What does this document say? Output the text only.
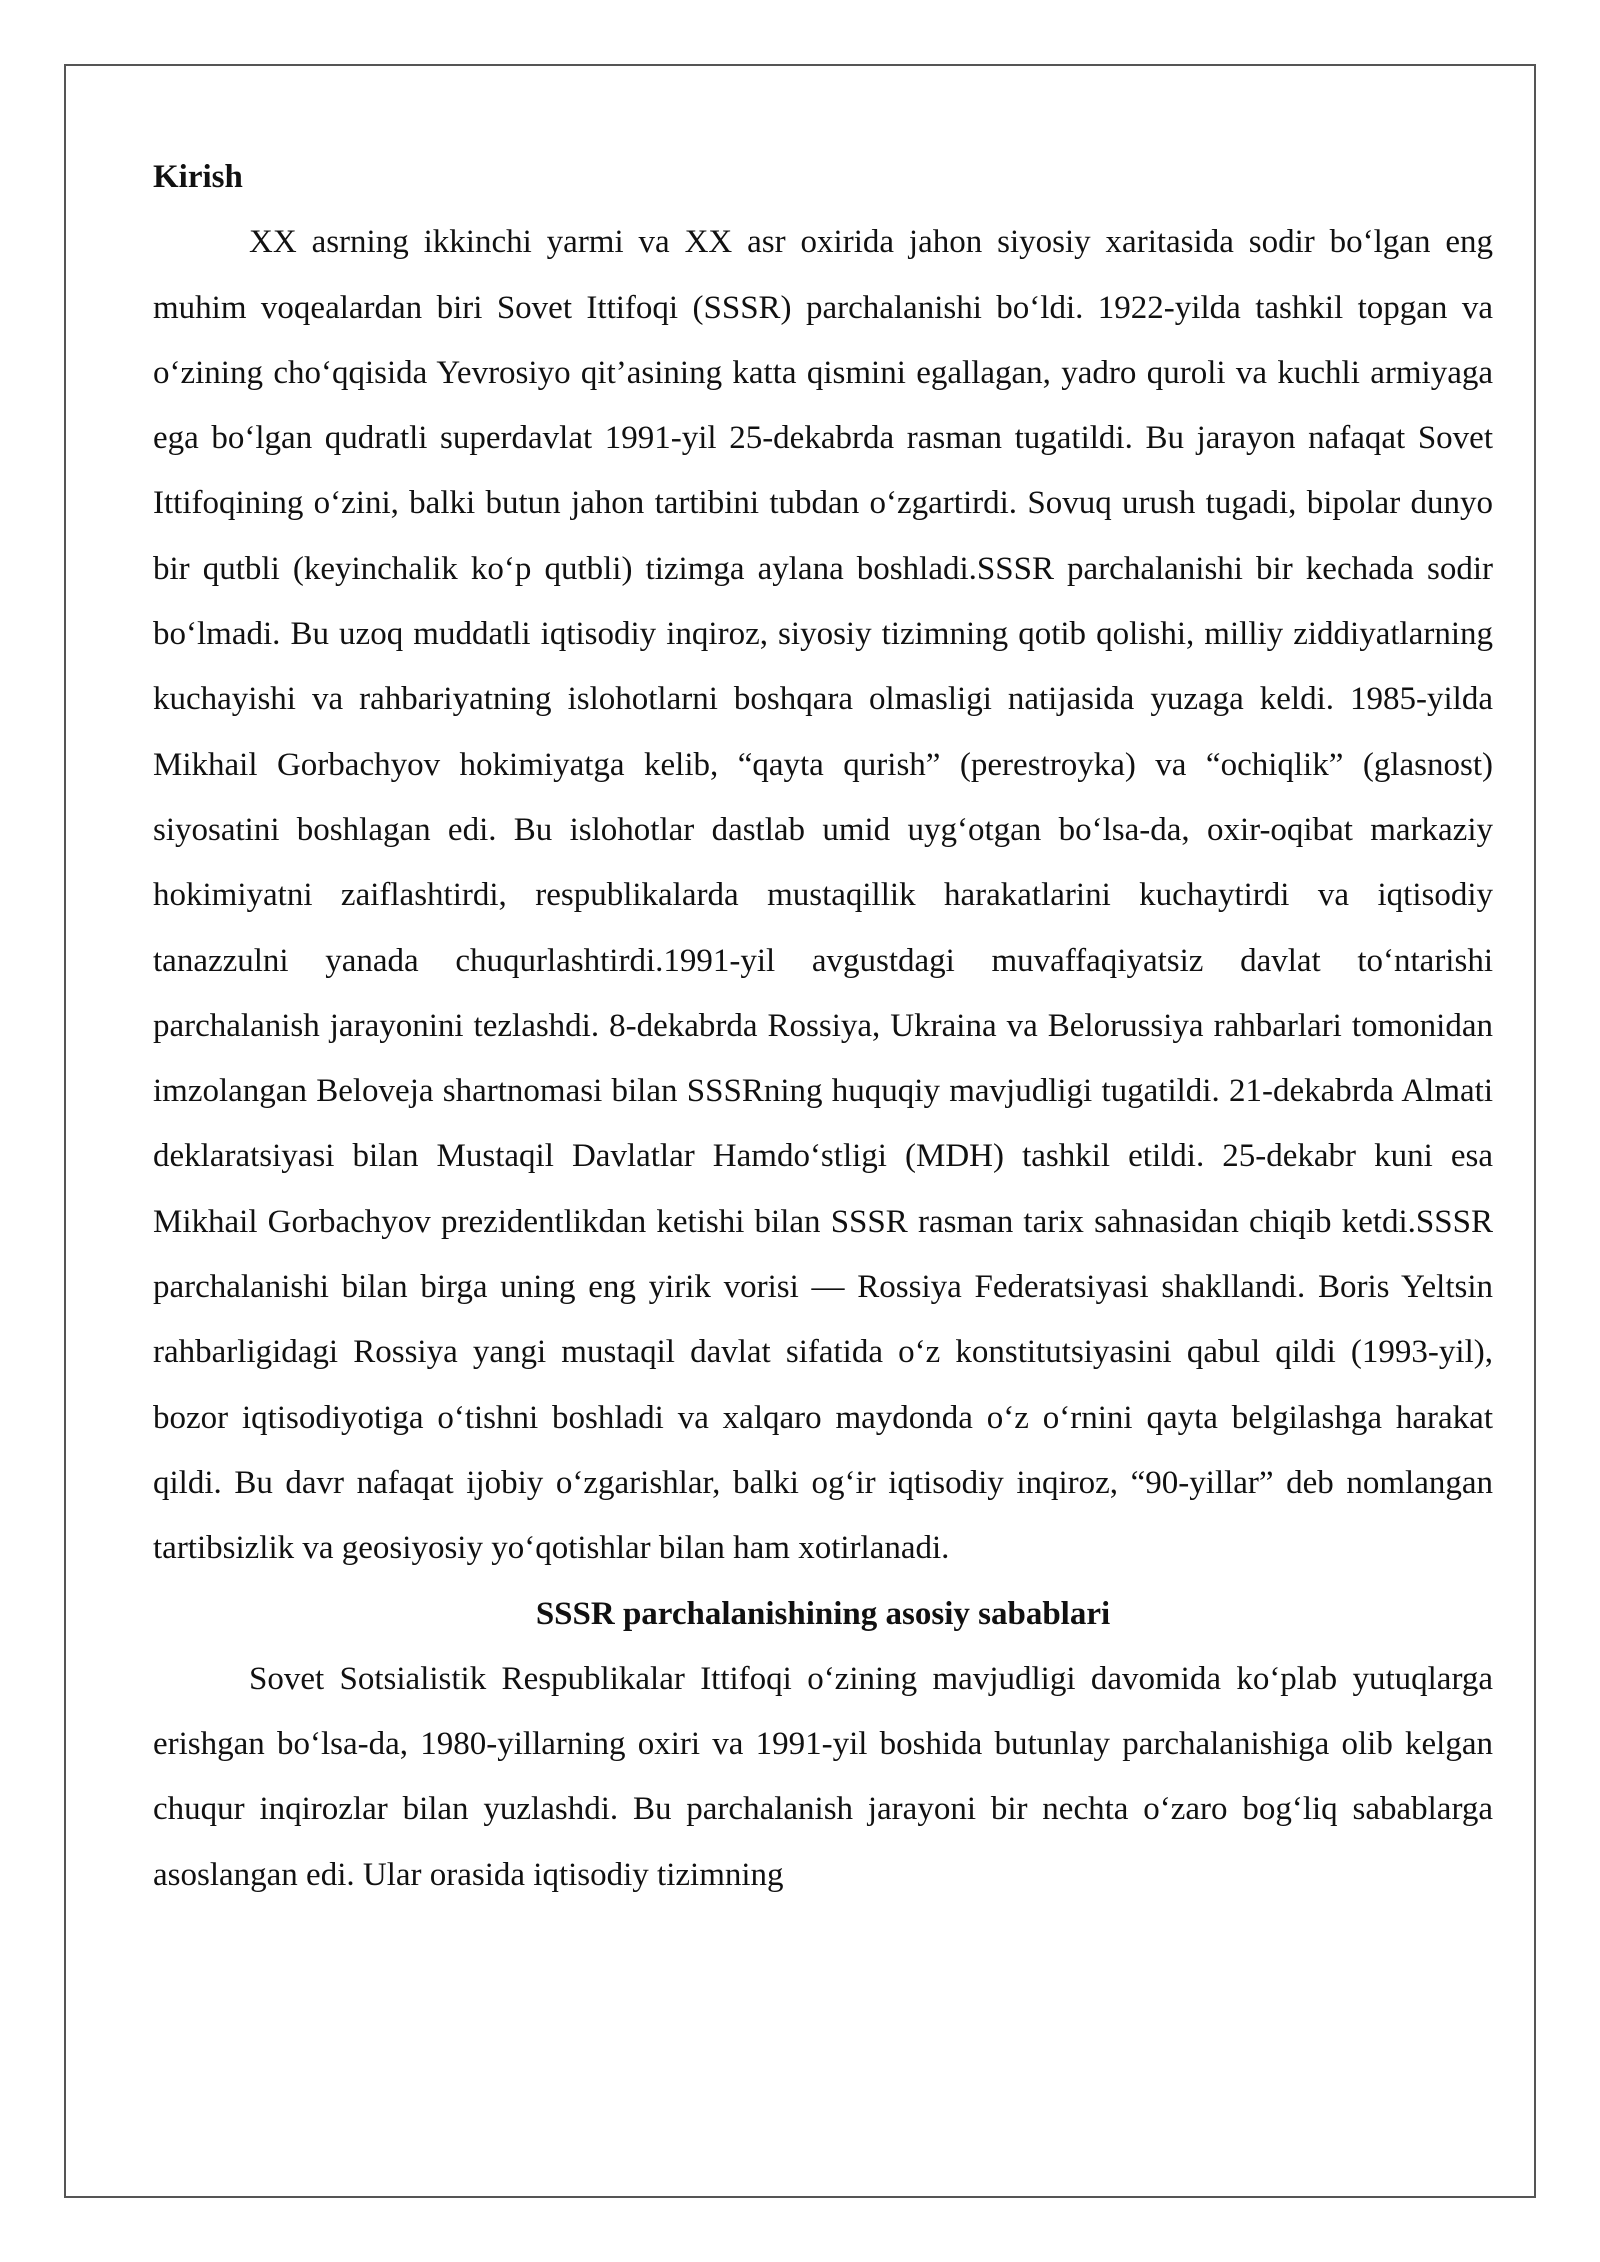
Kirish

XX asrning ikkinchi yarmi va XX asr oxirida jahon siyosiy xaritasida sodir bo‘lgan eng muhim voqealardan biri Sovet Ittifoqi (SSSR) parchalanishi bo‘ldi. 1922-yilda tashkil topgan va o‘zining cho‘qqisida Yevrosiyo qit’asining katta qismini egallagan, yadro quroli va kuchli armiyaga ega bo‘lgan qudratli superdavlat 1991-yil 25-dekabrda rasman tugatildi. Bu jarayon nafaqat Sovet Ittifoqining o‘zini, balki butun jahon tartibini tubdan o‘zgartirdi. Sovuq urush tugadi, bipolar dunyo bir qutbli (keyinchalik ko‘p qutbli) tizimga aylana boshladi.SSSR parchalanishi bir kechada sodir bo‘lmadi. Bu uzoq muddatli iqtisodiy inqiroz, siyosiy tizimning qotib qolishi, milliy ziddiyatlarning kuchayishi va rahbariyatning islohotlarni boshqara olmasligi natijasida yuzaga keldi. 1985-yilda Mikhail Gorbachyov hokimiyatga kelib, “qayta qurish” (perestroyka) va “ochiqlik” (glasnost) siyosatini boshlagan edi. Bu islohotlar dastlab umid uyg‘otgan bo‘lsa-da, oxir-oqibat markaziy hokimiyatni zaiflashtirdi, respublikalarda mustaqillik harakatlarini kuchaytirdi va iqtisodiy tanazzulni yanada chuqurlashtirdi.1991-yil avgustdagi muvaffaqiyatsiz davlat to‘ntarishi parchalanish jarayonini tezlashdi. 8-dekabrda Rossiya, Ukraina va Belorussiya rahbarlari tomonidan imzolangan Beloveja shartnomasi bilan SSSRning huquqiy mavjudligi tugatildi. 21-dekabrda Almati deklaratsiyasi bilan Mustaqil Davlatlar Hamdo‘stligi (MDH) tashkil etildi. 25-dekabr kuni esa Mikhail Gorbachyov prezidentlikdan ketishi bilan SSSR rasman tarix sahnasidan chiqib ketdi.SSSR parchalanishi bilan birga uning eng yirik vorisi — Rossiya Federatsiyasi shakllandi. Boris Yeltsin rahbarligidagi Rossiya yangi mustaqil davlat sifatida o‘z konstitutsiyasini qabul qildi (1993-yil), bozor iqtisodiyotiga o‘tishni boshladi va xalqaro maydonda o‘z o‘rnini qayta belgilashga harakat qildi. Bu davr nafaqat ijobiy o‘zgarishlar, balki og‘ir iqtisodiy inqiroz, “90-yillar” deb nomlangan tartibsizlik va geosiyosiy yo‘qotishlar bilan ham xotirlanadi.

SSSR parchalanishining asosiy sabablari

Sovet Sotsialistik Respublikalar Ittifoqi o‘zining mavjudligi davomida ko‘plab yutuqlarga erishgan bo‘lsa-da, 1980-yillarning oxiri va 1991-yil boshida butunlay parchalanishiga olib kelgan chuqur inqirozlar bilan yuzlashdi. Bu parchalanish jarayoni bir nechta o‘zaro bog‘liq sabablarga asoslangan edi. Ular orasida iqtisodiy tizimning
